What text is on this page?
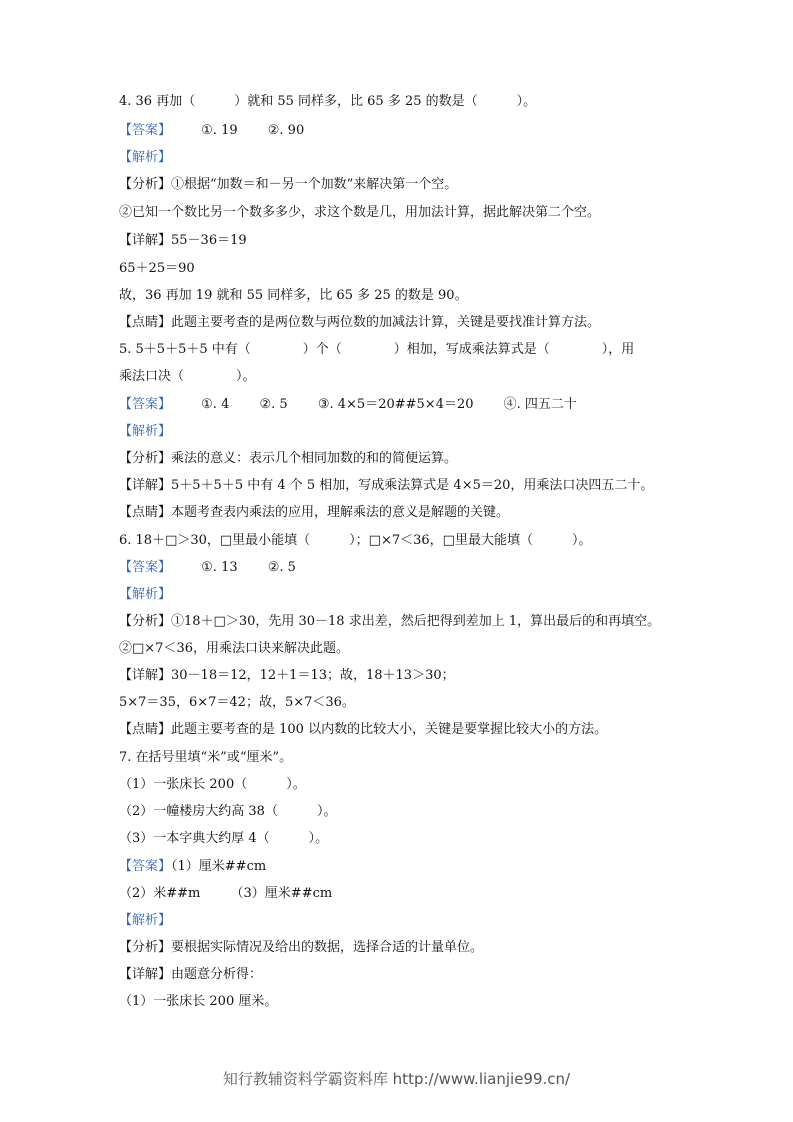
4. 36 再加（　　　）就和 55 同样多，比 65 多 25 的数是（　　　）。
【答案】 ①. 19 ②. 90
【解析】
【分析】①根据“加数＝和－另一个加数”来解决第一个空。
②已知一个数比另一个数多多少，求这个数是几，用加法计算，据此解决第二个空。
【详解】55－36＝19
65＋25＝90
故，36 再加 19 就和 55 同样多，比 65 多 25 的数是 90。
【点睛】此题主要考查的是两位数与两位数的加减法计算，关键是要找准计算方法。
5. 5＋5＋5＋5 中有（　　　　）个（　　　　）相加，写成乘法算式是（　　　　），用
乘法口决（　　　　）。
【答案】 ①. 4 ②. 5 ③. 4×5＝20##5×4＝20 ④. 四五二十
【解析】
【分析】乘法的意义：表示几个相同加数的和的简便运算。
【详解】5＋5＋5＋5 中有 4 个 5 相加，写成乘法算式是 4×5＝20，用乘法口决四五二十。
【点睛】本题考查表内乘法的应用，理解乘法的意义是解题的关键。
6. 18＋□＞30，□里最小能填（　　　）；□×7＜36，□里最大能填（　　　）。
【答案】 ①. 13 ②. 5
【解析】
【分析】①18＋□＞30，先用 30－18 求出差，然后把得到差加上 1，算出最后的和再填空。
②□×7＜36，用乘法口诀来解决此题。
【详解】30－18＝12，12＋1＝13；故，18＋13＞30；
5×7＝35，6×7＝42；故，5×7＜36。
【点睛】此题主要考查的是 100 以内数的比较大小，关键是要掌握比较大小的方法。
7. 在括号里填“米”或“厘米”。
（1）一张床长 200（　　　）。
（2）一幢楼房大约高 38（　　　）。
（3）一本字典大约厚 4（　　　）。
【答案】（1）厘米##cm
（2）米##m （3）厘米##cm
【解析】
【分析】要根据实际情况及给出的数据，选择合适的计量单位。
【详解】由题意分析得：
（1）一张床长 200 厘米。
知行教辅资料学霸资料库 http://www.lianjie99.cn/
